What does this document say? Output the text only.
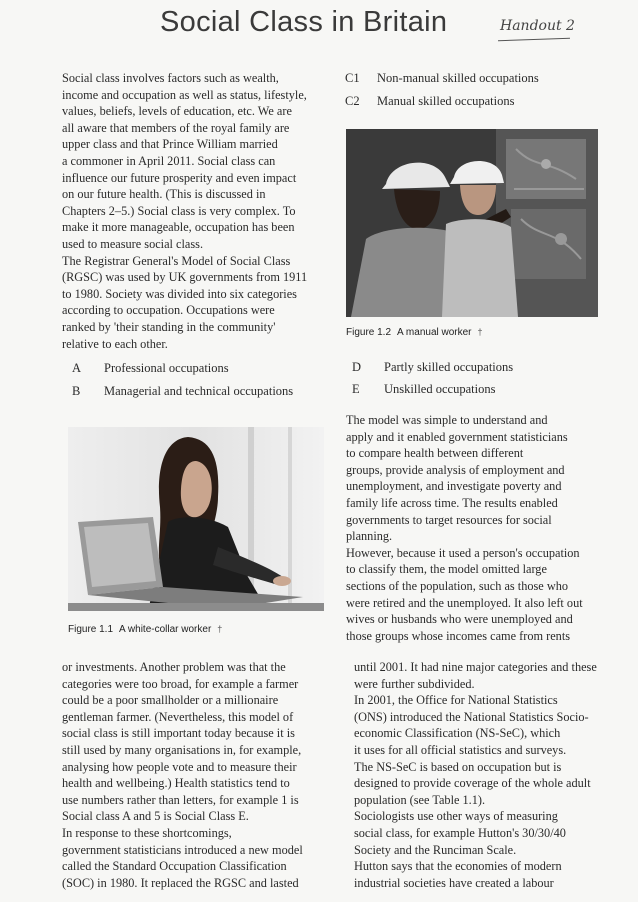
Social Class in Britain	Handout 2
Social class involves factors such as wealth,
income and occupation as well as status, lifestyle,
values, beliefs, levels of education, etc. We are
all aware that members of the royal family are
upper class and that Prince William married
a commoner in April 2011. Social class can
influence our future prosperity and even impact
on our future health. (This is discussed in
Chapters 2–5.) Social class is very complex. To
make it more manageable, occupation has been
used to measure social class.
The Registrar General's Model of Social Class
(RGSC) was used by UK governments from 1911
to 1980. Society was divided into six categories
according to occupation. Occupations were
ranked by 'their standing in the community'
relative to each other.
A	Professional occupations
B	Managerial and technical occupations
C1	Non-manual skilled occupations
C2	Manual skilled occupations
D	Partly skilled occupations
E	Unskilled occupations
Figure 1.1 A white-collar worker †
Figure 1.2 A manual worker †
The model was simple to understand and
apply and it enabled government statisticians
to compare health between different
groups, provide analysis of employment and
unemployment, and investigate poverty and
family life across time. The results enabled
governments to target resources for social
planning.
However, because it used a person's occupation
to classify them, the model omitted large
sections of the population, such as those who
were retired and the unemployed. It also left out
wives or husbands who were unemployed and
those groups whose incomes came from rents
or investments. Another problem was that the
categories were too broad, for example a farmer
could be a poor smallholder or a millionaire
gentleman farmer. (Nevertheless, this model of
social class is still important today because it is
still used by many organisations in, for example,
analysing how people vote and to measure their
health and wellbeing.) Health statistics tend to
use numbers rather than letters, for example 1 is
Social class A and 5 is Social Class E.
In response to these shortcomings,
government statisticians introduced a new model
called the Standard Occupation Classification
(SOC) in 1980. It replaced the RGSC and lasted
until 2001. It had nine major categories and these
were further subdivided.
In 2001, the Office for National Statistics
(ONS) introduced the National Statistics Socio-
economic Classification (NS-SeC), which
it uses for all official statistics and surveys.
The NS-SeC is based on occupation but is
designed to provide coverage of the whole adult
population (see Table 1.1).
Sociologists use other ways of measuring
social class, for example Hutton's 30/30/40
Society and the Runciman Scale.
Hutton says that the economies of modern
industrial societies have created a labour
